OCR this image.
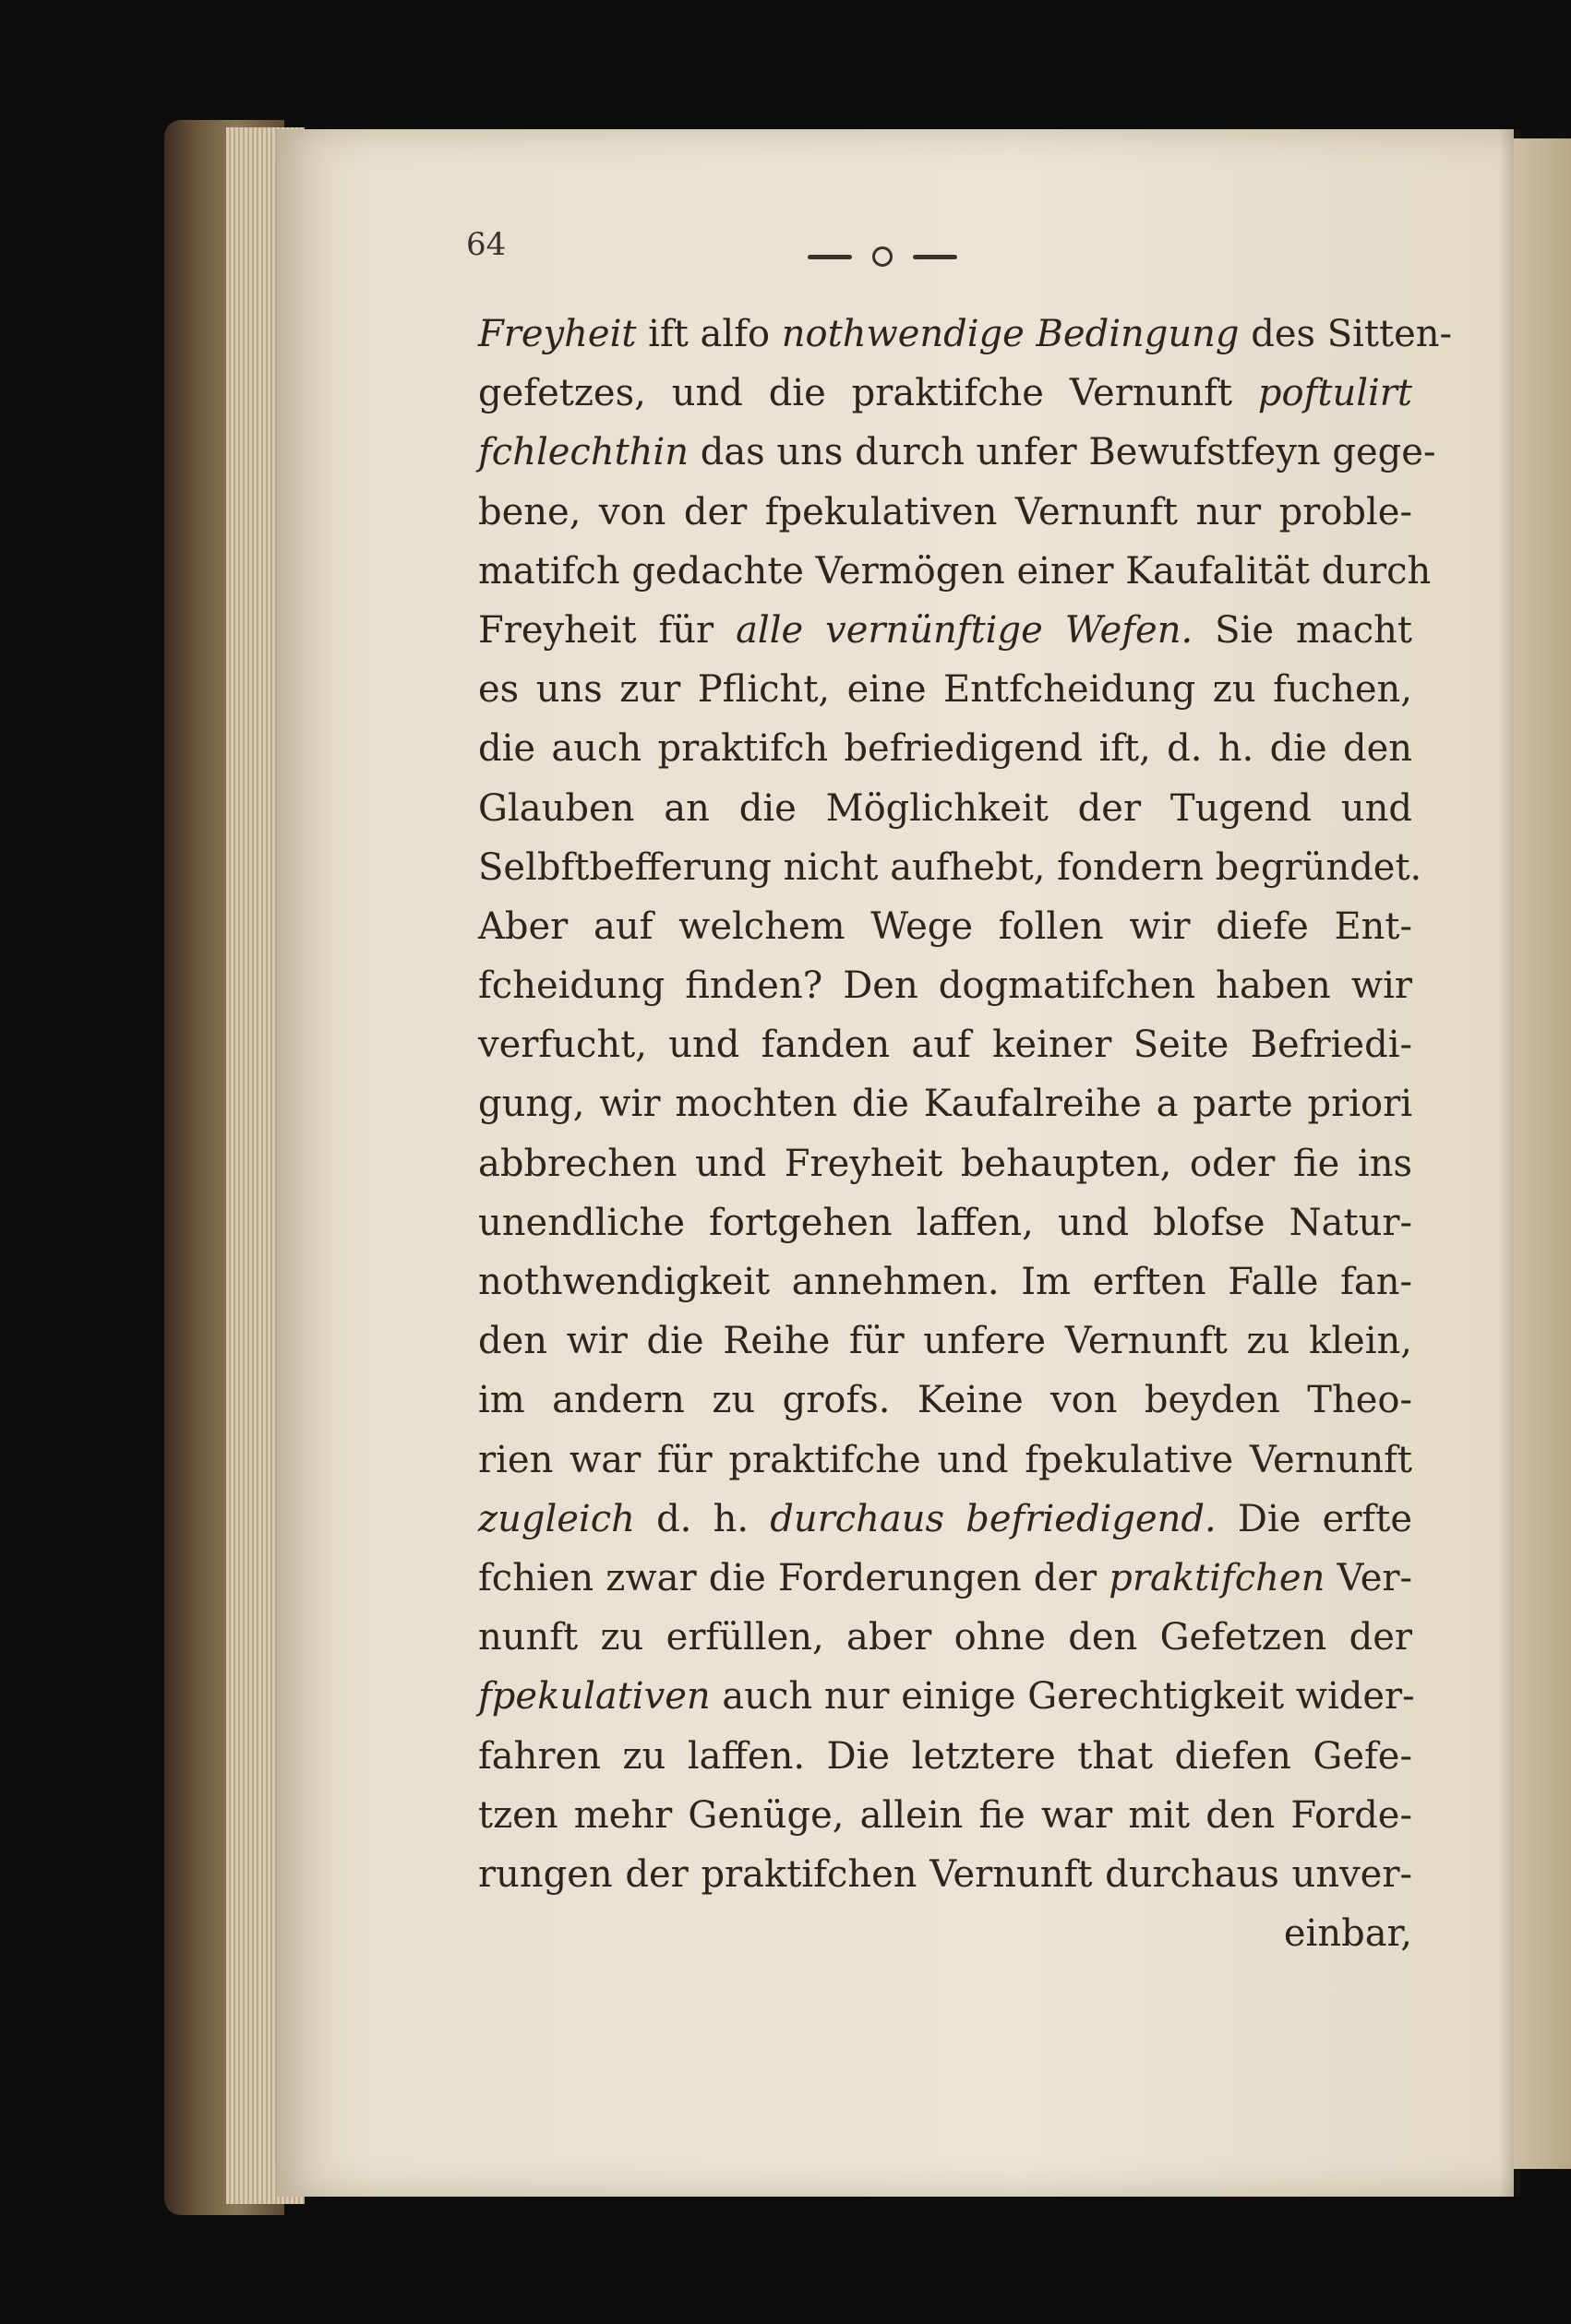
64
Freyheit ift alfo nothwendige Bedingung des Sitten-
gefetzes, und die praktifche Vernunft poftulirt
fchlechthin das uns durch unfer Bewufstfeyn gege-
bene, von der fpekulativen Vernunft nur proble-
matifch gedachte Vermögen einer Kaufalität durch
Freyheit für alle vernünftige Wefen. Sie macht
es uns zur Pflicht, eine Entfcheidung zu fuchen,
die auch praktifch befriedigend ift, d. h. die den
Glauben an die Möglichkeit der Tugend und
Selbftbefferung nicht aufhebt, fondern begründet.
Aber auf welchem Wege follen wir diefe Ent-
fcheidung finden? Den dogmatifchen haben wir
verfucht, und fanden auf keiner Seite Befriedi-
gung, wir mochten die Kaufalreihe a parte priori
abbrechen und Freyheit behaupten, oder fie ins
unendliche fortgehen laffen, und blofse Natur-
nothwendigkeit annehmen. Im erften Falle fan-
den wir die Reihe für unfere Vernunft zu klein,
im andern zu grofs. Keine von beyden Theo-
rien war für praktifche und fpekulative Vernunft
zugleich d. h. durchaus befriedigend. Die erfte
fchien zwar die Forderungen der praktifchen Ver-
nunft zu erfüllen, aber ohne den Gefetzen der
fpekulativen auch nur einige Gerechtigkeit wider-
fahren zu laffen. Die letztere that diefen Gefe-
tzen mehr Genüge, allein fie war mit den Forde-
rungen der praktifchen Vernunft durchaus unver-
einbar,
